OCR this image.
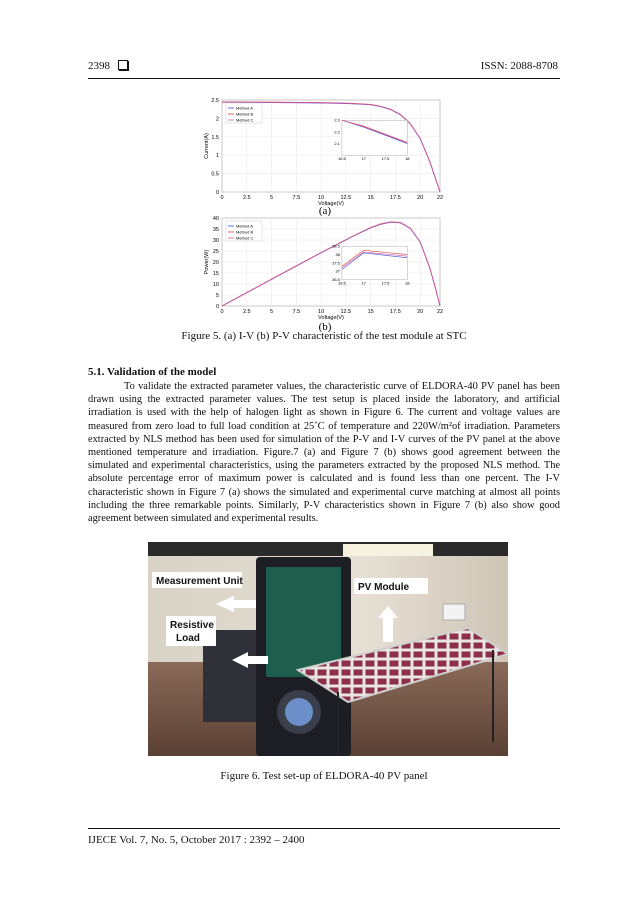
2398	ISSN: 2088-8708
0
0.5
1
1.5
2
2.5
0	2.5	5	7.5	10	12.5	15	17.5	20 22
Voltage(V)
Current(A)
Method A
Method B
Method C
2.1
2.2
2.3
16.5	17	17.5	18
(a)
0
5
10
15
20
25
30
35
40
0	2.5	5	7.5	10	12.5	15	17.5	20 22
Voltage(V)
Power(W)
Method A
Method B
Method C
36.5
37
37.5
38
38.5
16.5	17	17.5	18
(b)
Figure 5. (a) I-V (b) P-V characteristic of the test module at STC
5.1. Validation of the model
To validate the extracted parameter values, the characteristic curve of ELDORA-40 PV panel has been drawn using the extracted parameter values. The test setup is placed inside the laboratory, and artificial irradiation is used with the help of halogen light as shown in Figure 6. The current and voltage values are measured from zero load to full load condition at 25˚C of temperature and 220W/m²of irradiation. Parameters extracted by NLS method has been used for simulation of the P-V and I-V curves of the PV panel at the above mentioned temperature and irradiation. Figure.7 (a) and Figure 7 (b) shows good agreement between the simulated and experimental characteristics, using the parameters extracted by the proposed NLS method. The absolute percentage error of maximum power is calculated and is found less than one percent. The I-V characteristic shown in Figure 7 (a) shows the simulated and experimental curve matching at almost all points including the three remarkable points. Similarly, P-V characteristics shown in Figure 7 (b) also show good agreement between simulated and experimental results.
Measurement Unit
PV Module
Resistive
Load
Figure 6. Test set-up of ELDORA-40 PV panel
IJECE Vol. 7, No. 5, October 2017 : 2392 – 2400
